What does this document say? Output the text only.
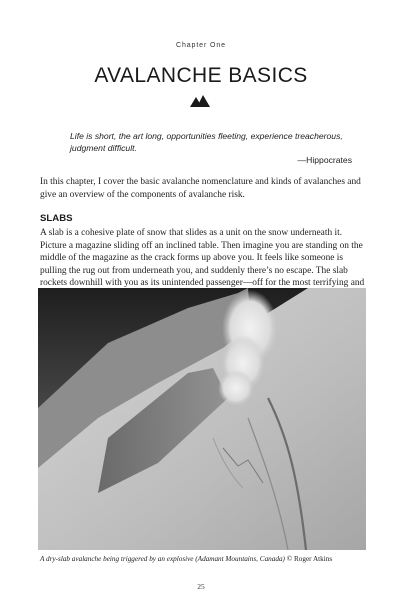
Chapter One
AVALANCHE BASICS
Life is short, the art long, opportunities fleeting, experience treacherous, judgment difficult.
—Hippocrates

In this chapter, I cover the basic avalanche nomenclature and kinds of avalanches and give an overview of the components of avalanche risk.

SLABS

A slab is a cohesive plate of snow that slides as a unit on the snow underneath it. Picture a magazine sliding off an inclined table. Then imagine you are standing on the middle of the magazine as the crack forms up above you. It feels like someone is pulling the rug out from underneath you, and suddenly there’s no escape. The slab rockets downhill with you as its unintended passenger—off for the most terrifying and

A dry-slab avalanche being triggered by an explosive (Adamant Mountains, Canada) © Roger Atkins
25
